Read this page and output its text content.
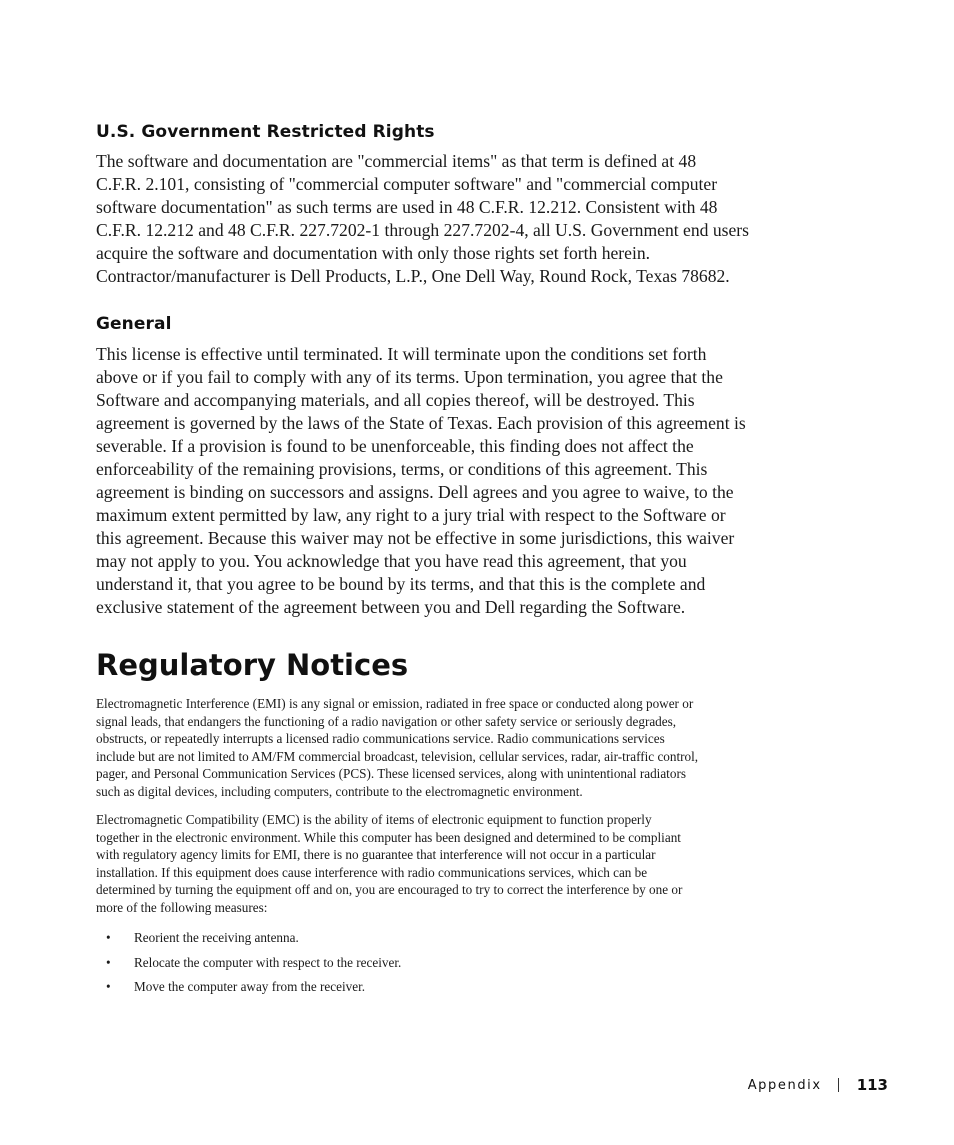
U.S. Government Restricted Rights

The software and documentation are "commercial items" as that term is defined at 48
C.F.R. 2.101, consisting of "commercial computer software" and "commercial computer
software documentation" as such terms are used in 48 C.F.R. 12.212. Consistent with 48
C.F.R. 12.212 and 48 C.F.R. 227.7202-1 through 227.7202-4, all U.S. Government end users
acquire the software and documentation with only those rights set forth herein.
Contractor/manufacturer is Dell Products, L.P., One Dell Way, Round Rock, Texas 78682.

General

This license is effective until terminated. It will terminate upon the conditions set forth
above or if you fail to comply with any of its terms. Upon termination, you agree that the
Software and accompanying materials, and all copies thereof, will be destroyed. This
agreement is governed by the laws of the State of Texas. Each provision of this agreement is
severable. If a provision is found to be unenforceable, this finding does not affect the
enforceability of the remaining provisions, terms, or conditions of this agreement. This
agreement is binding on successors and assigns. Dell agrees and you agree to waive, to the
maximum extent permitted by law, any right to a jury trial with respect to the Software or
this agreement. Because this waiver may not be effective in some jurisdictions, this waiver
may not apply to you. You acknowledge that you have read this agreement, that you
understand it, that you agree to be bound by its terms, and that this is the complete and
exclusive statement of the agreement between you and Dell regarding the Software.

Regulatory Notices

Electromagnetic Interference (EMI) is any signal or emission, radiated in free space or conducted along power or
signal leads, that endangers the functioning of a radio navigation or other safety service or seriously degrades,
obstructs, or repeatedly interrupts a licensed radio communications service. Radio communications services
include but are not limited to AM/FM commercial broadcast, television, cellular services, radar, air-traffic control,
pager, and Personal Communication Services (PCS). These licensed services, along with unintentional radiators
such as digital devices, including computers, contribute to the electromagnetic environment.

Electromagnetic Compatibility (EMC) is the ability of items of electronic equipment to function properly
together in the electronic environment. While this computer has been designed and determined to be compliant
with regulatory agency limits for EMI, there is no guarantee that interference will not occur in a particular
installation. If this equipment does cause interference with radio communications services, which can be
determined by turning the equipment off and on, you are encouraged to try to correct the interference by one or
more of the following measures:

• Reorient the receiving antenna.
• Relocate the computer with respect to the receiver.
• Move the computer away from the receiver.
Appendix 113
